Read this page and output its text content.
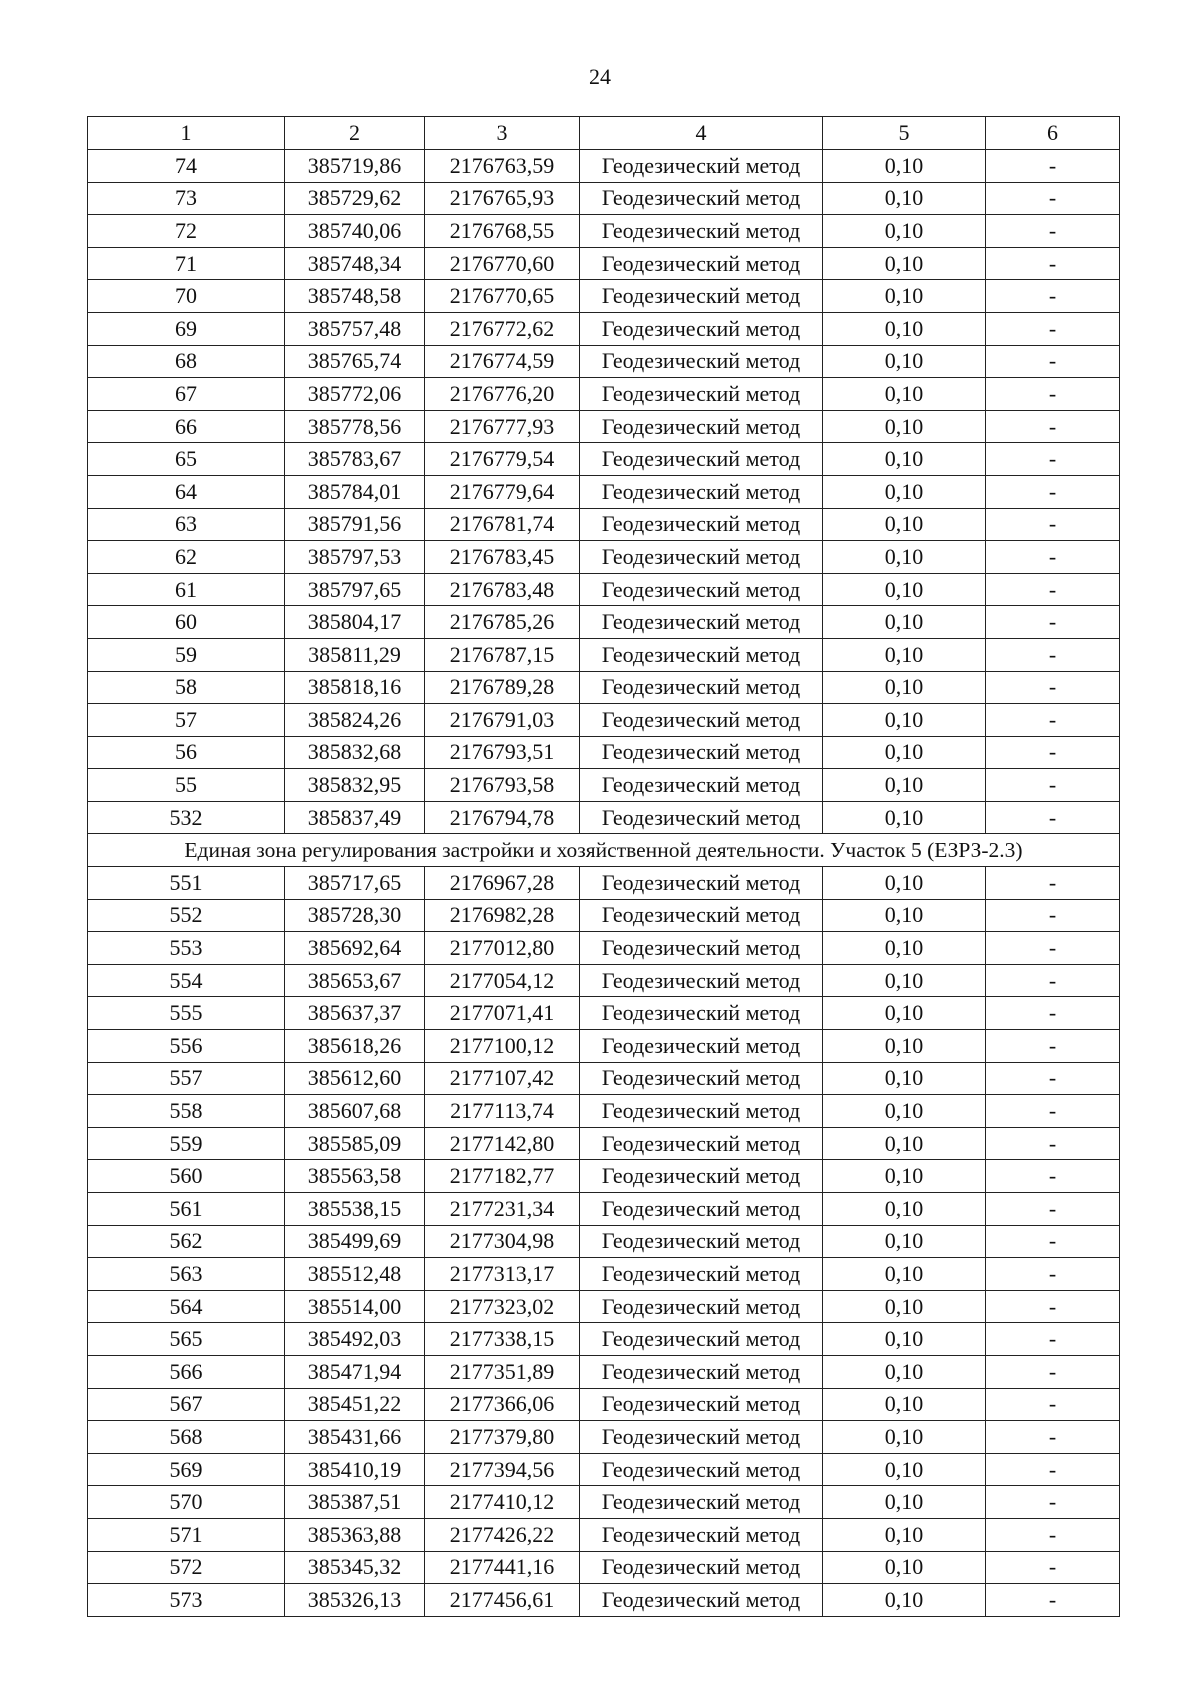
24
1	2	3	4	5	6
74	385719,86	2176763,59	Геодезический метод	0,10	-
73	385729,62	2176765,93	Геодезический метод	0,10	-
72	385740,06	2176768,55	Геодезический метод	0,10	-
71	385748,34	2176770,60	Геодезический метод	0,10	-
70	385748,58	2176770,65	Геодезический метод	0,10	-
69	385757,48	2176772,62	Геодезический метод	0,10	-
68	385765,74	2176774,59	Геодезический метод	0,10	-
67	385772,06	2176776,20	Геодезический метод	0,10	-
66	385778,56	2176777,93	Геодезический метод	0,10	-
65	385783,67	2176779,54	Геодезический метод	0,10	-
64	385784,01	2176779,64	Геодезический метод	0,10	-
63	385791,56	2176781,74	Геодезический метод	0,10	-
62	385797,53	2176783,45	Геодезический метод	0,10	-
61	385797,65	2176783,48	Геодезический метод	0,10	-
60	385804,17	2176785,26	Геодезический метод	0,10	-
59	385811,29	2176787,15	Геодезический метод	0,10	-
58	385818,16	2176789,28	Геодезический метод	0,10	-
57	385824,26	2176791,03	Геодезический метод	0,10	-
56	385832,68	2176793,51	Геодезический метод	0,10	-
55	385832,95	2176793,58	Геодезический метод	0,10	-
532	385837,49	2176794,78	Геодезический метод	0,10	-
Единая зона регулирования застройки и хозяйственной деятельности. Участок 5 (ЕЗРЗ-2.3)					
551	385717,65	2176967,28	Геодезический метод	0,10	-
552	385728,30	2176982,28	Геодезический метод	0,10	-
553	385692,64	2177012,80	Геодезический метод	0,10	-
554	385653,67	2177054,12	Геодезический метод	0,10	-
555	385637,37	2177071,41	Геодезический метод	0,10	-
556	385618,26	2177100,12	Геодезический метод	0,10	-
557	385612,60	2177107,42	Геодезический метод	0,10	-
558	385607,68	2177113,74	Геодезический метод	0,10	-
559	385585,09	2177142,80	Геодезический метод	0,10	-
560	385563,58	2177182,77	Геодезический метод	0,10	-
561	385538,15	2177231,34	Геодезический метод	0,10	-
562	385499,69	2177304,98	Геодезический метод	0,10	-
563	385512,48	2177313,17	Геодезический метод	0,10	-
564	385514,00	2177323,02	Геодезический метод	0,10	-
565	385492,03	2177338,15	Геодезический метод	0,10	-
566	385471,94	2177351,89	Геодезический метод	0,10	-
567	385451,22	2177366,06	Геодезический метод	0,10	-
568	385431,66	2177379,80	Геодезический метод	0,10	-
569	385410,19	2177394,56	Геодезический метод	0,10	-
570	385387,51	2177410,12	Геодезический метод	0,10	-
571	385363,88	2177426,22	Геодезический метод	0,10	-
572	385345,32	2177441,16	Геодезический метод	0,10	-
573	385326,13	2177456,61	Геодезический метод	0,10	-
